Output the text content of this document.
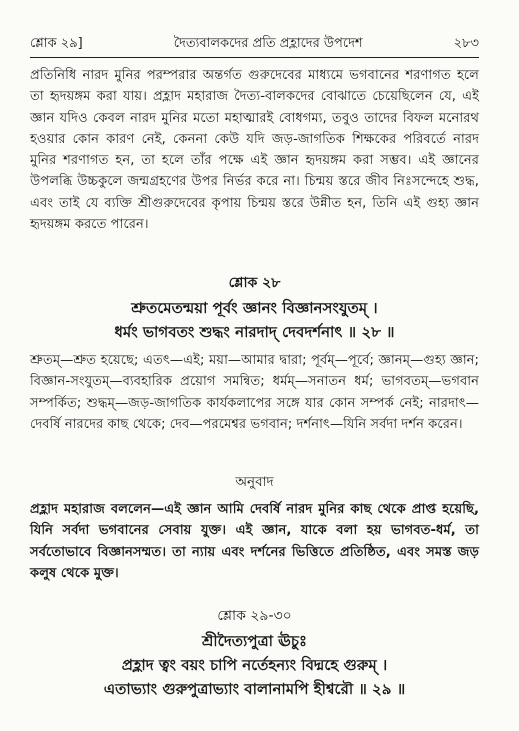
শ্লোক ২৯]	দৈত্যবালকদের প্রতি প্রহ্লাদের উপদেশ	২৮৩

প্রতিনিধি নারদ মুনির পরম্পরার অন্তর্গত গুরুদেবের মাধ্যমে ভগবানের শরণাগত হলে তা হৃদয়ঙ্গম করা যায়। প্রহ্লাদ মহারাজ দৈত্য-বালকদের বোঝাতে চেয়েছিলেন যে, এই জ্ঞান যদিও কেবল নারদ মুনির মতো মহাত্মারই বোধগম্য, তবুও তাদের বিফল মনোরথ হওয়ার কোন কারণ নেই, কেননা কেউ যদি জড়-জাগতিক শিক্ষকের পরিবর্তে নারদ মুনির শরণাগত হন, তা হলে তাঁর পক্ষে এই জ্ঞান হৃদয়ঙ্গম করা সম্ভব। এই জ্ঞানের উপলব্ধি উচ্চকুলে জন্মগ্রহণের উপর নির্ভর করে না। চিন্ময় স্তরে জীব নিঃসন্দেহে শুদ্ধ, এবং তাই যে ব্যক্তি শ্রীগুরুদেবের কৃপায় চিন্ময় স্তরে উন্নীত হন, তিনি এই গুহ্য জ্ঞান হৃদয়ঙ্গম করতে পারেন।

শ্লোক ২৮

শ্রুতমেতন্ময়া পূর্বং জ্ঞানং বিজ্ঞানসংযুতম্ ।
ধর্মং ভাগবতং শুদ্ধং নারদাদ্ দেবদর্শনাৎ ॥ ২৮ ॥

শ্রুতম্—শ্রুত হয়েছে; এতৎ—এই; ময়া—আমার দ্বারা; পূর্বম্—পূর্বে; জ্ঞানম্—গুহ্য জ্ঞান; বিজ্ঞান-সংযুতম্—ব্যবহারিক প্রয়োগ সমন্বিত; ধর্মম্—সনাতন ধর্ম; ভাগবতম্—ভগবান সম্পর্কিত; শুদ্ধম্—জড়-জাগতিক কার্যকলাপের সঙ্গে যার কোন সম্পর্ক নেই; নারদাৎ—দেবর্ষি নারদের কাছ থেকে; দেব—পরমেশ্বর ভগবান; দর্শনাৎ—যিনি সর্বদা দর্শন করেন।

অনুবাদ

প্রহ্লাদ মহারাজ বললেন—এই জ্ঞান আমি দেবর্ষি নারদ মুনির কাছ থেকে প্রাপ্ত হয়েছি, যিনি সর্বদা ভগবানের সেবায় যুক্ত। এই জ্ঞান, যাকে বলা হয় ভাগবত-ধর্ম, তা সর্বতোভাবে বিজ্ঞানসম্মত। তা ন্যায় এবং দর্শনের ভিত্তিতে প্রতিষ্ঠিত, এবং সমস্ত জড় কলুষ থেকে মুক্ত।

শ্লোক ২৯-৩০

শ্রীদৈত্যপুত্রা ঊচুঃ
প্রহ্লাদ ত্বং বয়ং চাপি নর্তেহন্যং বিদ্মহে গুরুম্ ।
এতাভ্যাং গুরুপুত্রাভ্যাং বালানামপি হীশ্বরৌ ॥ ২৯ ॥
